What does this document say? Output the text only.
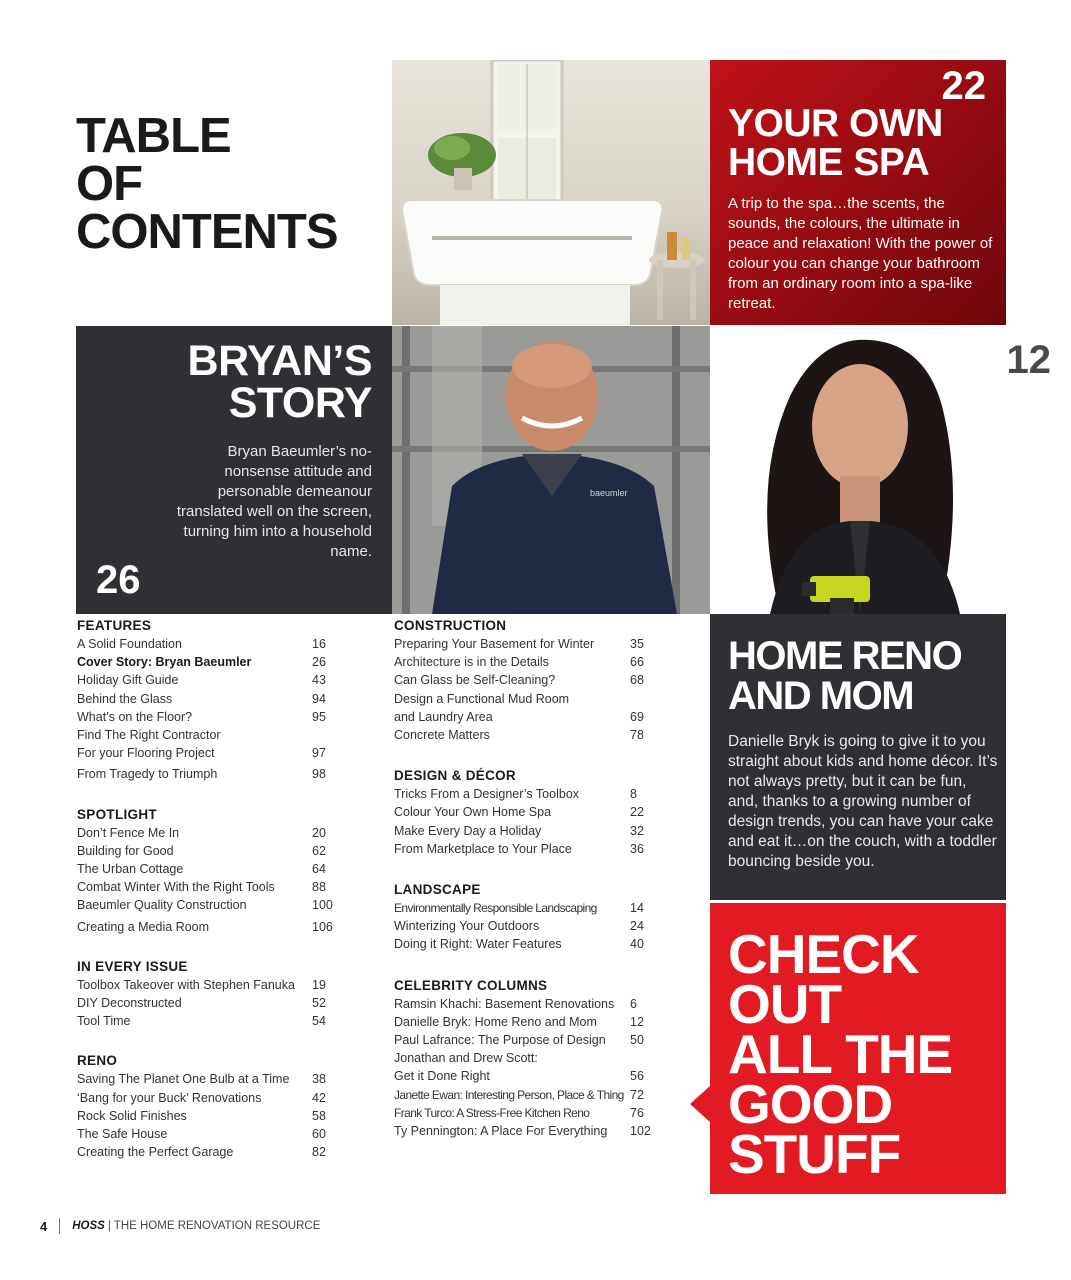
TABLE
OF
CONTENTS
22
YOUR OWN
HOME SPA
A trip to the spa…the scents, the sounds, the colours, the ultimate in peace and relaxation! With the power of colour you can change your bathroom from an ordinary room into a spa-like retreat.
BRYAN’S
STORY
Bryan Baeumler’s no-nonsense attitude and personable demeanour translated well on the screen, turning him into a household name.
26
baeumler
12
HOME RENO
AND MOM
Danielle Bryk is going to give it to you straight about kids and home décor. It’s not always pretty, but it can be fun, and, thanks to a growing number of design trends, you can have your cake and eat it…on the couch, with a toddler bouncing beside you.
CHECK
OUT
ALL THE
GOOD
STUFF
FEATURES
A Solid Foundation	16
Cover Story: Bryan Baeumler	26
Holiday Gift Guide	43
Behind the Glass	94
What’s on the Floor?	95
Find The Right Contractor
For your Flooring Project	97
From Tragedy to Triumph	98
SPOTLIGHT
Don’t Fence Me In	20
Building for Good	62
The Urban Cottage	64
Combat Winter With the Right Tools	88
Baeumler Quality Construction	100
Creating a Media Room	106
IN EVERY ISSUE
Toolbox Takeover with Stephen Fanuka 19
DIY Deconstructed	52
Tool Time	54
RENO
Saving The Planet One Bulb at a Time 38
‘Bang for your Buck’ Renovations	42
Rock Solid Finishes	58
The Safe House	60
Creating the Perfect Garage	82
CONSTRUCTION
Preparing Your Basement for Winter	35
Architecture is in the Details	66
Can Glass be Self-Cleaning?	68
Design a Functional Mud Room
and Laundry Area	69
Concrete Matters	78
DESIGN & DÉCOR
Tricks From a Designer’s Toolbox	8
Colour Your Own Home Spa	22
Make Every Day a Holiday	32
From Marketplace to Your Place	36
LANDSCAPE
Environmentally Responsible Landscaping	14
Winterizing Your Outdoors	24
Doing it Right: Water Features	40
CELEBRITY COLUMNS
Ramsin Khachi: Basement Renovations 6
Danielle Bryk: Home Reno and Mom	12
Paul Lafrance: The Purpose of Design 50
Jonathan and Drew Scott:
Get it Done Right	56
Janette Ewan: Interesting Person, Place & Thing 72
Frank Turco: A Stress-Free Kitchen Reno	76
Ty Pennington: A Place For Everything 102
4 HOSS | THE HOME RENOVATION RESOURCE
